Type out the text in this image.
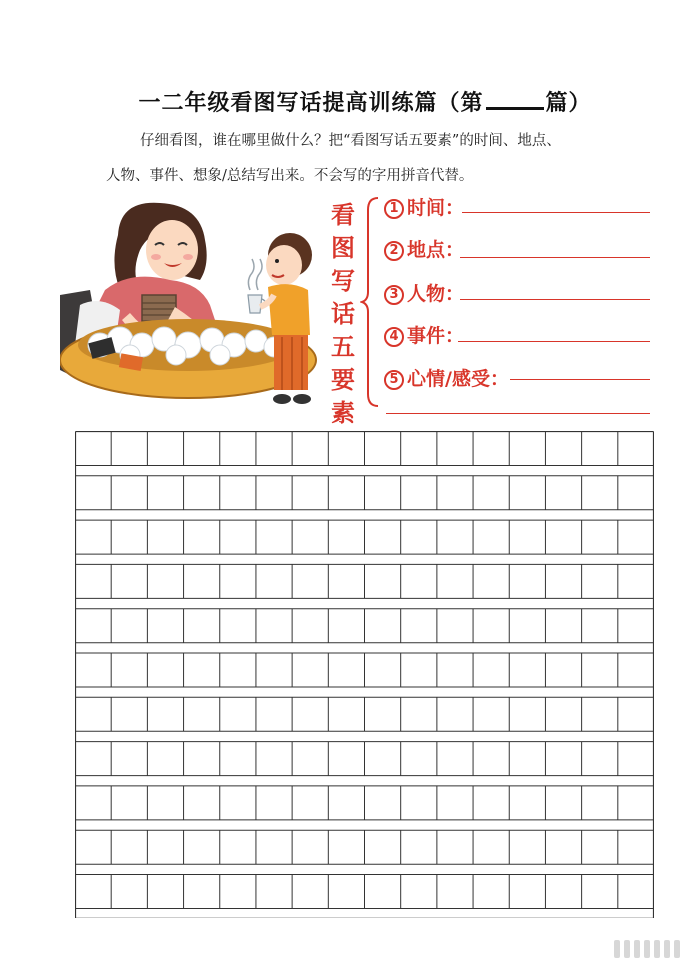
一二年级看图写话提高训练篇（第	篇）
仔细看图，谁在哪里做什么？把“看图写话五要素”的时间、地点、
人物、事件、想象/总结写出来。不会写的字用拼音代替。
看
图
写
话
五
要
素
1 时间：
2 地点：
3 人物：
4 事件：
5 心情/感受：
